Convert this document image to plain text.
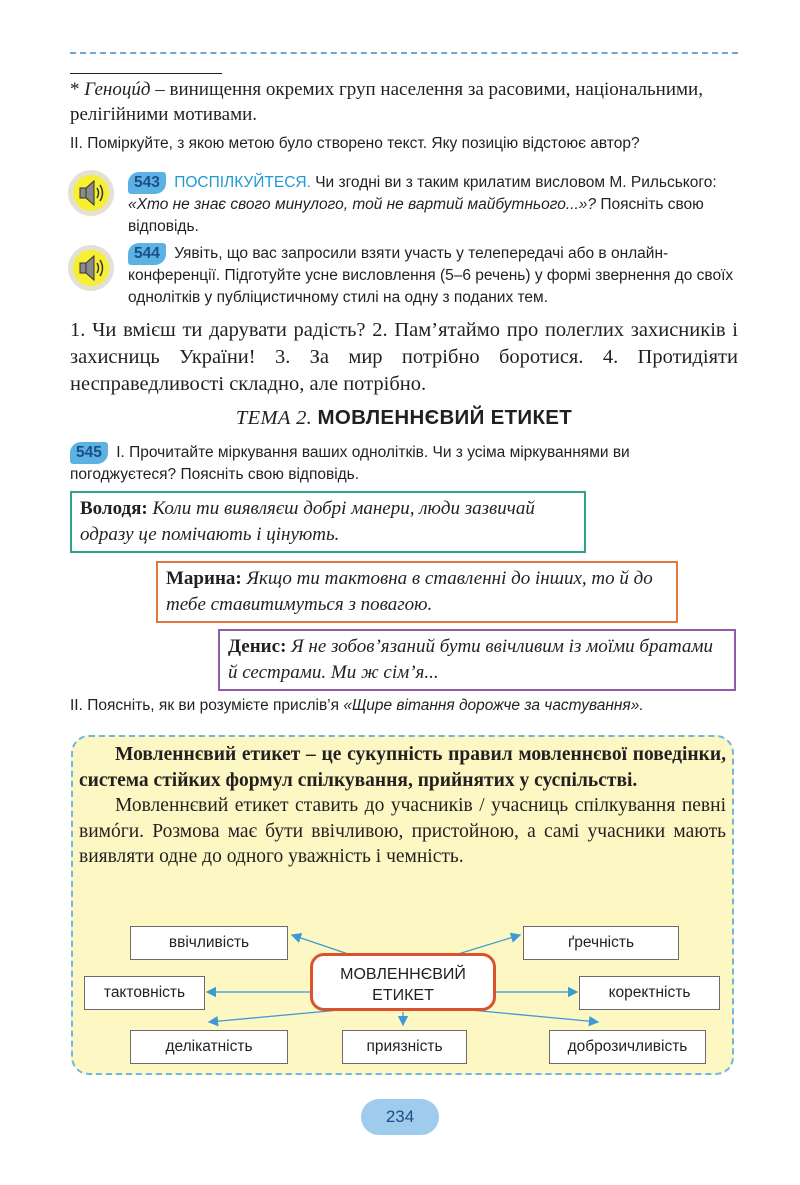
* Геноцúд – винищення окремих груп населення за расовими, національними, релігійними мотивами.
II. Поміркуйте, з якою метою було створено текст. Яку позицію відстоює автор?
543 ПОСПІЛКУЙТЕСЯ. Чи згодні ви з таким крилатим висловом М. Рильського: «Хто не знає свого минулого, той не вартий майбутнього...»? Поясніть свою відповідь.
544 Уявіть, що вас запросили взяти участь у телепередачі або в онлайн-конференції. Підготуйте усне висловлення (5–6 речень) у формі звернення до своїх однолітків у публіцистичному стилі на одну з поданих тем.
1. Чи вмієш ти дарувати радість? 2. Пам’ятаймо про полеглих захисників і захисниць України! 3. За мир потрібно боротися. 4. Протидіяти несправедливості складно, але потрібно.
ТЕМА 2. МОВЛЕННЄВИЙ ЕТИКЕТ
545 I. Прочитайте міркування ваших однолітків. Чи з усіма міркуваннями ви погоджуєтеся? Поясніть свою відповідь.
Володя: Коли ти виявляєш добрі манери, люди зазвичай одразу це помічають і цінують.
Марина: Якщо ти тактовна в ставленні до інших, то й до тебе ставитимуться з повагою.
Денис: Я не зобов’язаний бути ввічливим із моїми братами й сестрами. Ми ж сім’я...
II. Поясніть, як ви розумієте прислів’я «Щире вітання дорожче за частування».

Мовленнєвий етикет – це сукупність правил мовленнєвої поведінки, система стійких формул спілкування, прийнятих у суспільстві.

Мовленнєвий етикет ставить до учасників / учасниць спілкування певні вимóги. Розмова має бути ввічливою, пристойною, а самі учасники мають виявляти одне до одного уважність і чемність.

ввічливість	ґречність
тактовність	коректність
делікатність	приязність	доброзичливість
МОВЛЕННЄВИЙ ЕТИКЕТ
234
